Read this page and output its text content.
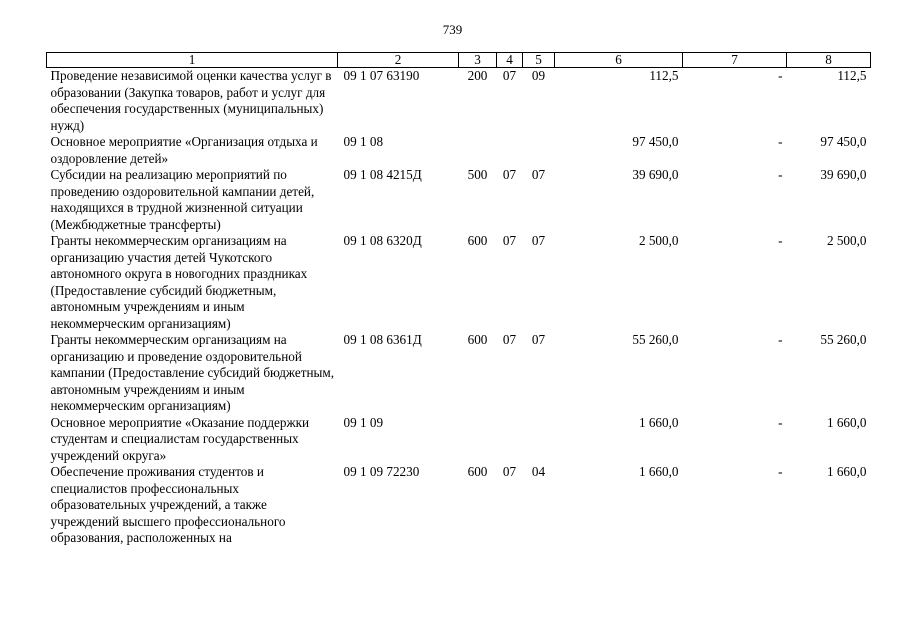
739
1	2	3	4	5	6	7	8
Проведение независимой оценки качества услуг в образовании (Закупка товаров, работ и услуг для обеспечения государственных (муниципальных) нужд)	09 1 07 63190	200	07	09	112,5	-	112,5
Основное мероприятие «Организация отдыха и оздоровление детей»	09 1 08				97 450,0	-	97 450,0
Субсидии на реализацию мероприятий по проведению оздоровительной кампании детей, находящихся в трудной жизненной ситуации (Межбюджетные трансферты)	09 1 08 4215Д	500	07	07	39 690,0	-	39 690,0
Гранты некоммерческим организациям на организацию участия детей Чукотского автономного округа в новогодних праздниках (Предоставление субсидий бюджетным, автономным учреждениям и иным некоммерческим организациям)	09 1 08 6320Д	600	07	07	2 500,0	-	2 500,0
Гранты некоммерческим организациям на организацию и проведение оздоровительной кампании (Предоставление субсидий бюджетным, автономным учреждениям и иным некоммерческим организациям)	09 1 08 6361Д	600	07	07	55 260,0	-	55 260,0
Основное мероприятие «Оказание поддержки студентам и специалистам государственных учреждений округа»	09 1 09				1 660,0	-	1 660,0
Обеспечение проживания студентов и специалистов профессиональных образовательных учреждений, а также учреждений высшего профессионального образования, расположенных на	09 1 09 72230	600	07	04	1 660,0	-	1 660,0
